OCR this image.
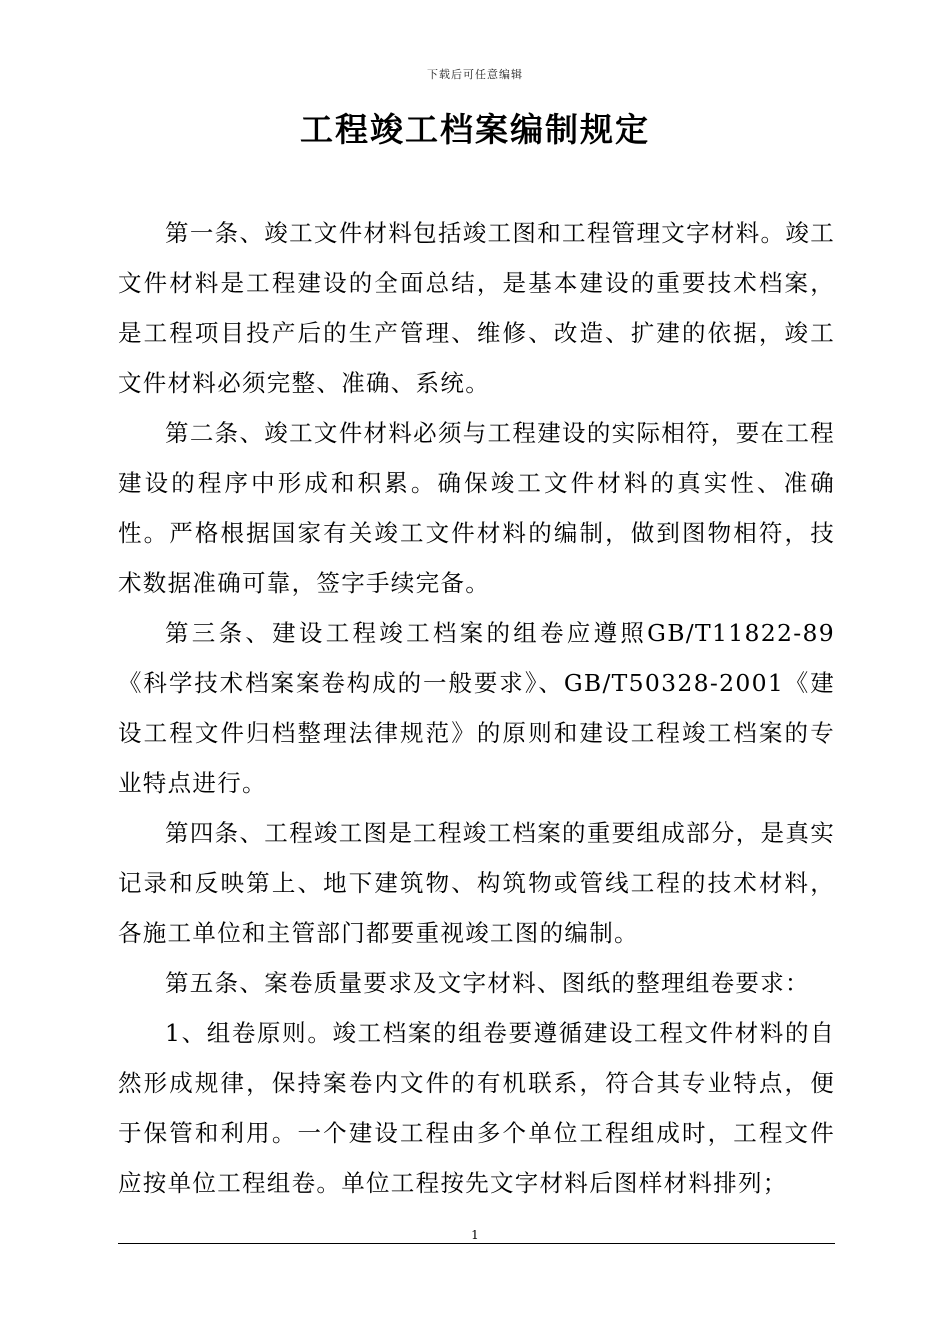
下载后可任意编辑
工程竣工档案编制规定

第一条、竣工文件材料包括竣工图和工程管理文字材料。竣工文件材料是工程建设的全面总结，是基本建设的重要技术档案，是工程项目投产后的生产管理、维修、改造、扩建的依据，竣工文件材料必须完整、准确、系统。

第二条、竣工文件材料必须与工程建设的实际相符，要在工程建设的程序中形成和积累。确保竣工文件材料的真实性、准确性。严格根据国家有关竣工文件材料的编制，做到图物相符，技术数据准确可靠，签字手续完备。

第三条、建设工程竣工档案的组卷应遵照GB/T11822-89《科学技术档案案卷构成的一般要求》、GB/T50328-2001《建设工程文件归档整理法律规范》的原则和建设工程竣工档案的专业特点进行。

第四条、工程竣工图是工程竣工档案的重要组成部分，是真实记录和反映第上、地下建筑物、构筑物或管线工程的技术材料，各施工单位和主管部门都要重视竣工图的编制。

第五条、案卷质量要求及文字材料、图纸的整理组卷要求：

1、组卷原则。竣工档案的组卷要遵循建设工程文件材料的自然形成规律，保持案卷内文件的有机联系，符合其专业特点，便于保管和利用。一个建设工程由多个单位工程组成时，工程文件应按单位工程组卷。单位工程按先文字材料后图样材料排列；

1
